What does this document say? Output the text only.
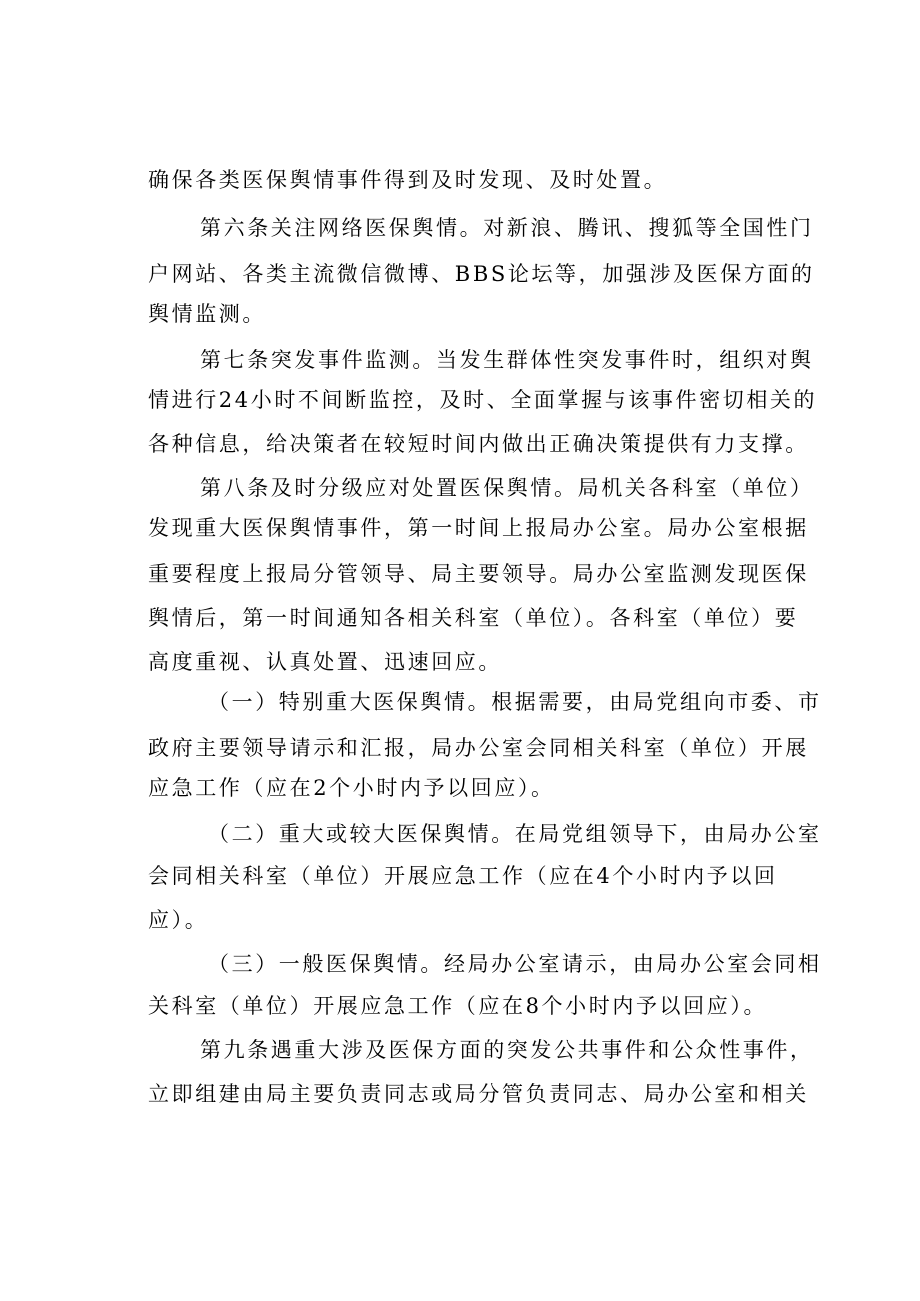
确保各类医保舆情事件得到及时发现、及时处置。
第六条关注网络医保舆情。对新浪、腾讯、搜狐等全国性门
户网站、各类主流微信微博、BBS论坛等，加强涉及医保方面的
舆情监测。
第七条突发事件监测。当发生群体性突发事件时，组织对舆
情进行24小时不间断监控，及时、全面掌握与该事件密切相关的
各种信息，给决策者在较短时间内做出正确决策提供有力支撑。
第八条及时分级应对处置医保舆情。局机关各科室（单位）
发现重大医保舆情事件，第一时间上报局办公室。局办公室根据
重要程度上报局分管领导、局主要领导。局办公室监测发现医保
舆情后，第一时间通知各相关科室（单位）。各科室（单位）要
高度重视、认真处置、迅速回应。
（一）特别重大医保舆情。根据需要，由局党组向市委、市
政府主要领导请示和汇报，局办公室会同相关科室（单位）开展
应急工作（应在2个小时内予以回应）。
（二）重大或较大医保舆情。在局党组领导下，由局办公室
会同相关科室（单位）开展应急工作（应在4个小时内予以回
应）。
（三）一般医保舆情。经局办公室请示，由局办公室会同相
关科室（单位）开展应急工作（应在8个小时内予以回应）。
第九条遇重大涉及医保方面的突发公共事件和公众性事件，
立即组建由局主要负责同志或局分管负责同志、局办公室和相关
